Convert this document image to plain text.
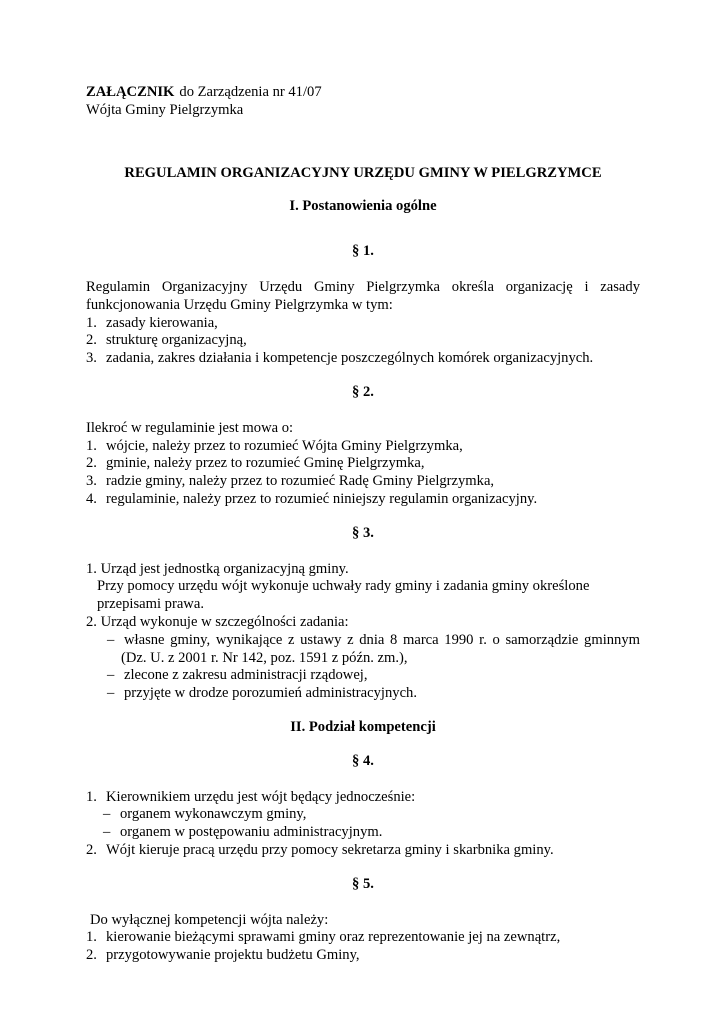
ZAŁĄCZNIK do Zarządzenia nr 41/07
Wójta Gminy Pielgrzymka
REGULAMIN ORGANIZACYJNY URZĘDU GMINY W PIELGRZYMCE
I. Postanowienia ogólne
§ 1.
Regulamin Organizacyjny Urzędu Gminy Pielgrzymka określa organizację i zasady
funkcjonowania Urzędu Gminy Pielgrzymka w tym:
1. zasady kierowania,
2. strukturę organizacyjną,
3. zadania, zakres działania i kompetencje poszczególnych komórek organizacyjnych.
§ 2.
Ilekroć w regulaminie jest mowa o:
1. wójcie, należy przez to rozumieć Wójta Gminy Pielgrzymka,
2. gminie, należy przez to rozumieć Gminę Pielgrzymka,
3. radzie gminy, należy przez to rozumieć Radę Gminy Pielgrzymka,
4. regulaminie, należy przez to rozumieć niniejszy regulamin organizacyjny.
§ 3.
1. Urząd jest jednostką organizacyjną gminy.
Przy pomocy urzędu wójt wykonuje uchwały rady gminy i zadania gminy określone
przepisami prawa.
2. Urząd wykonuje w szczególności zadania:
– własne gminy, wynikające z ustawy z dnia 8 marca 1990 r. o samorządzie gminnym
(Dz. U. z 2001 r. Nr 142, poz. 1591 z późn. zm.),
– zlecone z zakresu administracji rządowej,
– przyjęte w drodze porozumień administracyjnych.
II. Podział kompetencji
§ 4.
1. Kierownikiem urzędu jest wójt będący jednocześnie:
– organem wykonawczym gminy,
– organem w postępowaniu administracyjnym.
2. Wójt kieruje pracą urzędu przy pomocy sekretarza gminy i skarbnika gminy.
§ 5.
Do wyłącznej kompetencji wójta należy:
1. kierowanie bieżącymi sprawami gminy oraz reprezentowanie jej na zewnątrz,
2. przygotowywanie projektu budżetu Gminy,
